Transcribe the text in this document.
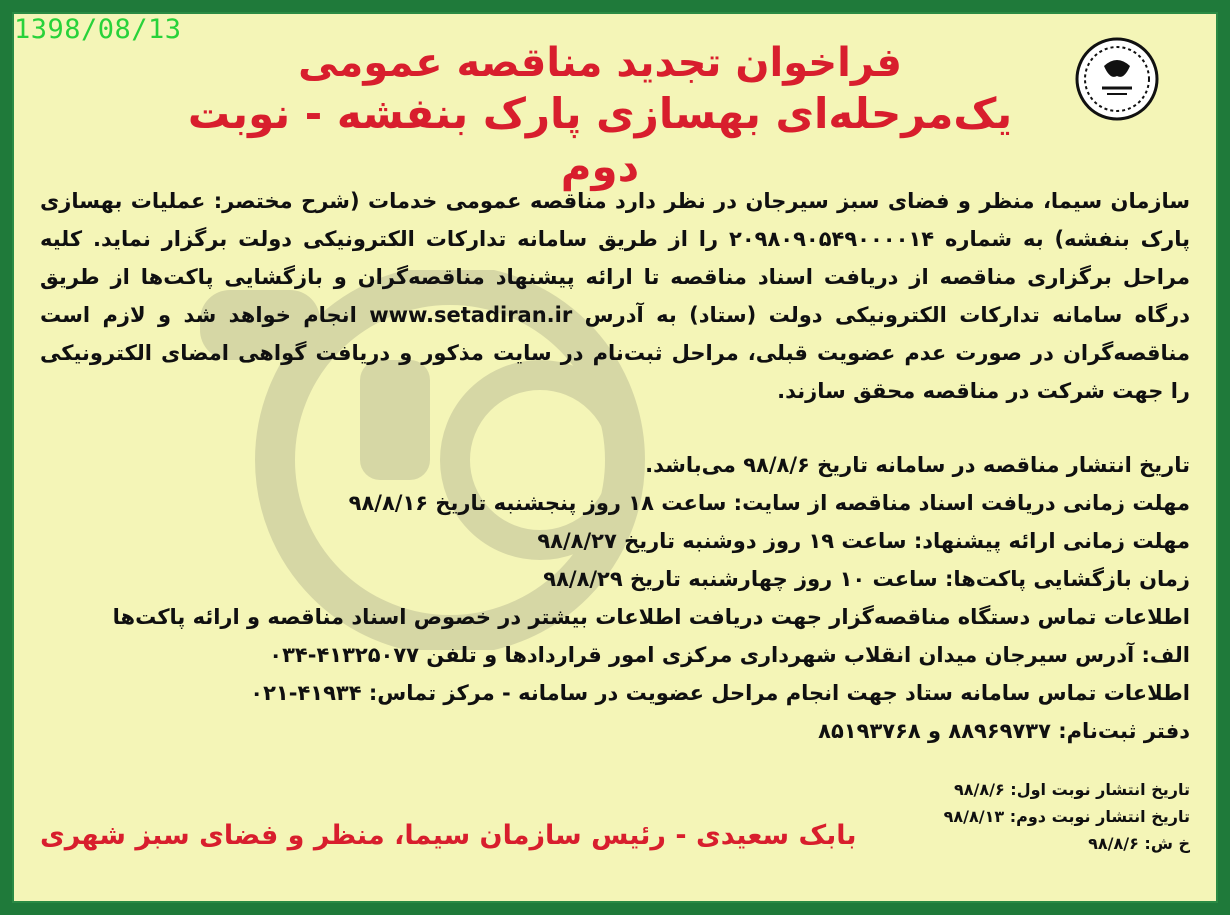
1398/08/13
فراخوان تجدید مناقصه عمومی
یک‌مرحله‌ای بهسازی پارک بنفشه - نوبت دوم
سازمان سیما، منظر و فضای سبز سیرجان در نظر دارد مناقصه عمومی خدمات (شرح مختصر: عملیات بهسازی پارک بنفشه) به شماره ۲۰۹۸۰۹۰۵۴۹۰۰۰۰۱۴ را از طریق سامانه تدارکات الکترونیکی دولت برگزار نماید. کلیه مراحل برگزاری مناقصه از دریافت اسناد مناقصه تا ارائه پیشنهاد مناقصه‌گران و بازگشایی پاکت‌ها از طریق درگاه سامانه تدارکات الکترونیکی دولت (ستاد) به آدرس www.setadiran.ir انجام خواهد شد و لازم است مناقصه‌گران در صورت عدم عضویت قبلی، مراحل ثبت‌نام در سایت مذکور و دریافت گواهی امضای الکترونیکی را جهت شرکت در مناقصه محقق سازند.
تاریخ انتشار مناقصه در سامانه تاریخ ۹۸/۸/۶ می‌باشد.
مهلت زمانی دریافت اسناد مناقصه از سایت: ساعت ۱۸ روز پنجشنبه تاریخ ۹۸/۸/۱۶
مهلت زمانی ارائه پیشنهاد: ساعت ۱۹ روز دوشنبه تاریخ ۹۸/۸/۲۷
زمان بازگشایی پاکت‌ها: ساعت ۱۰ روز چهارشنبه تاریخ ۹۸/۸/۲۹
اطلاعات تماس دستگاه مناقصه‌گزار جهت دریافت اطلاعات بیشتر در خصوص اسناد مناقصه و ارائه پاکت‌ها
الف: آدرس سیرجان میدان انقلاب شهرداری مرکزی امور قراردادها و تلفن ۴۱۳۲۵۰۷۷-۰۳۴
اطلاعات تماس سامانه ستاد جهت انجام مراحل عضویت در سامانه - مرکز تماس: ۴۱۹۳۴-۰۲۱
دفتر ثبت‌نام: ۸۸۹۶۹۷۳۷ و ۸۵۱۹۳۷۶۸
تاریخ انتشار نوبت اول: ۹۸/۸/۶
تاریخ انتشار نوبت دوم: ۹۸/۸/۱۳
خ ش: ۹۸/۸/۶
بابک سعیدی - رئیس سازمان سیما، منظر و فضای سبز شهری
